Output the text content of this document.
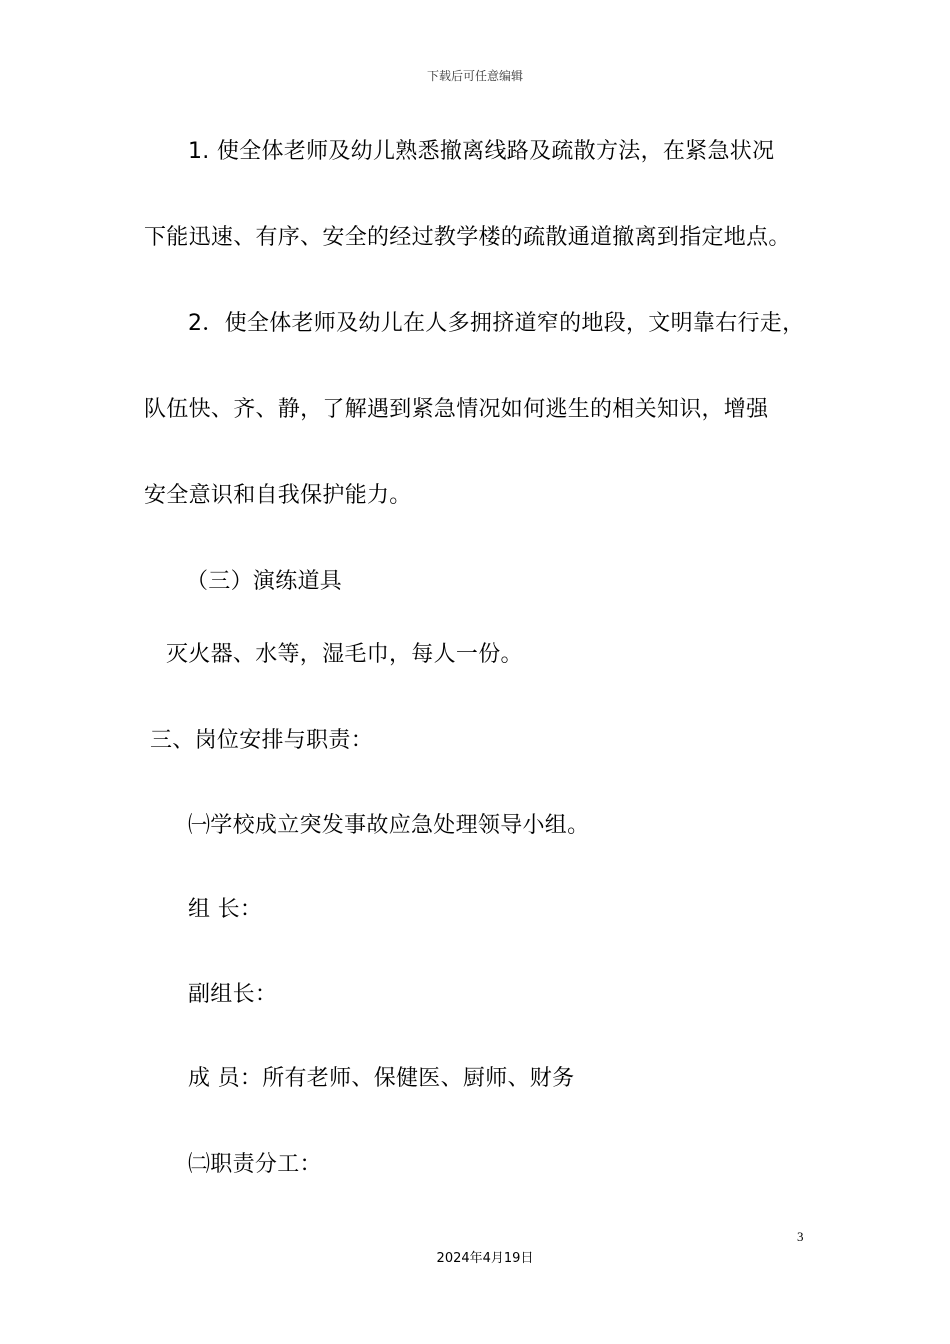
下载后可任意编辑
1. 使全体老师及幼儿熟悉撤离线路及疏散方法，在紧急状况
下能迅速、有序、安全的经过教学楼的疏散通道撤离到指定地点。
2．使全体老师及幼儿在人多拥挤道窄的地段，文明靠右行走，
队伍快、齐、静，了解遇到紧急情况如何逃生的相关知识，增强
安全意识和自我保护能力。
（三）演练道具
灭火器、水等，湿毛巾，每人一份。
三、岗位安排与职责：
㈠学校成立突发事故应急处理领导小组。
组 长：
副组长：
成 员：所有老师、保健医、厨师、财务
㈡职责分工：
3
2024年4月19日
